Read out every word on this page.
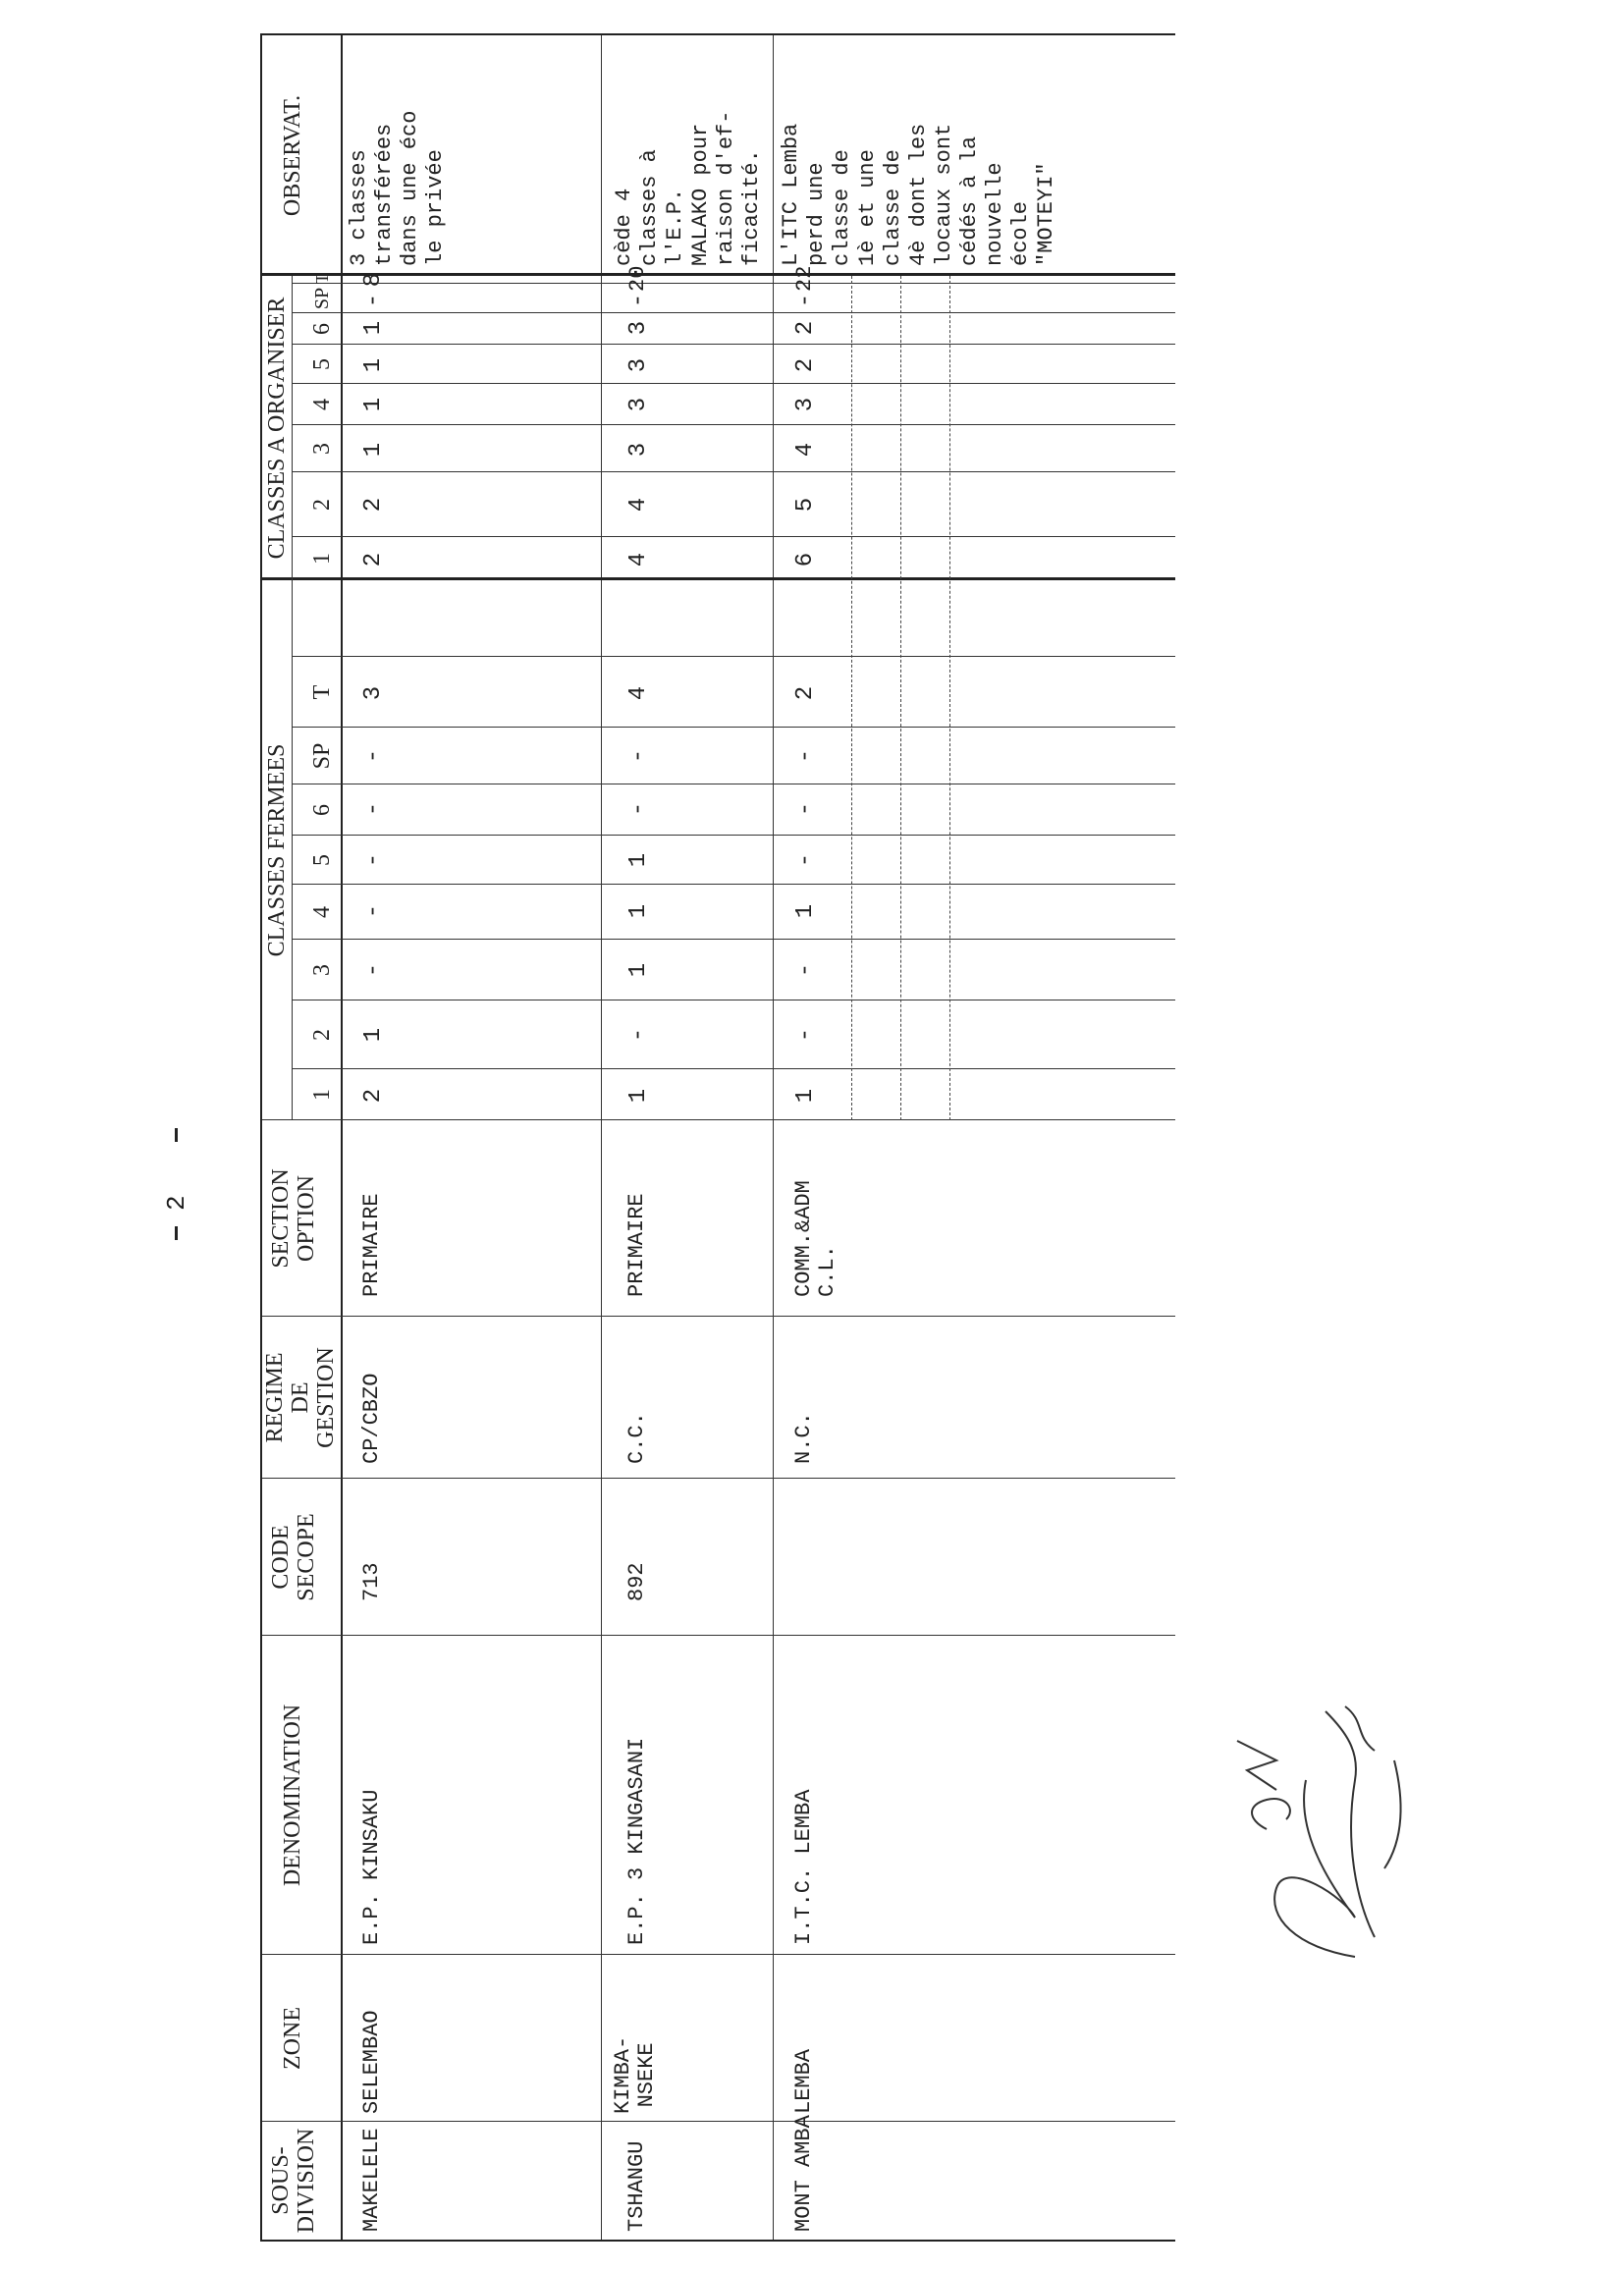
2
SOUS-
DIVISION
ZONE
DENOMINATION
CODE
SECOPE
REGIME
DE
GESTION
SECTION
OPTION
CLASSES FERMEES
CLASSES A ORGANISER
OBSERVAT.
1
2
3
4
5
6
SP
T
1
2
3
4
5
6
SP
T
MAKELELE
SELEMBAO
E.P. KINSAKU
713
CP/CBZO
PRIMAIRE
2
1
-
-
-
-
-
3
2
2
1
1
1
1
-
8
3 classes
transférées
dans une éco
le privée
TSHANGU
KIMBA-
NSEKE
E.P. 3 KINGASANI
892
C.C.
PRIMAIRE
1
-
1
1
1
-
-
4
4
4
3
3
3
3
-
20
cède 4
classes à
l'E.P.
MALAKO pour
raison d'ef-
ficacité.
MONT AMBA
LEMBA
I.T.C. LEMBA
N.C.
COMM.&ADM
C.L.
1
-
-
1
-
-
-
2
6
5
4
3
2
2
-
22
L'ITC Lemba
perd une
classe de
1è et une
classe de
4è dont les
locaux sont
cédés à la
nouvelle
école
"MOTEYI"
